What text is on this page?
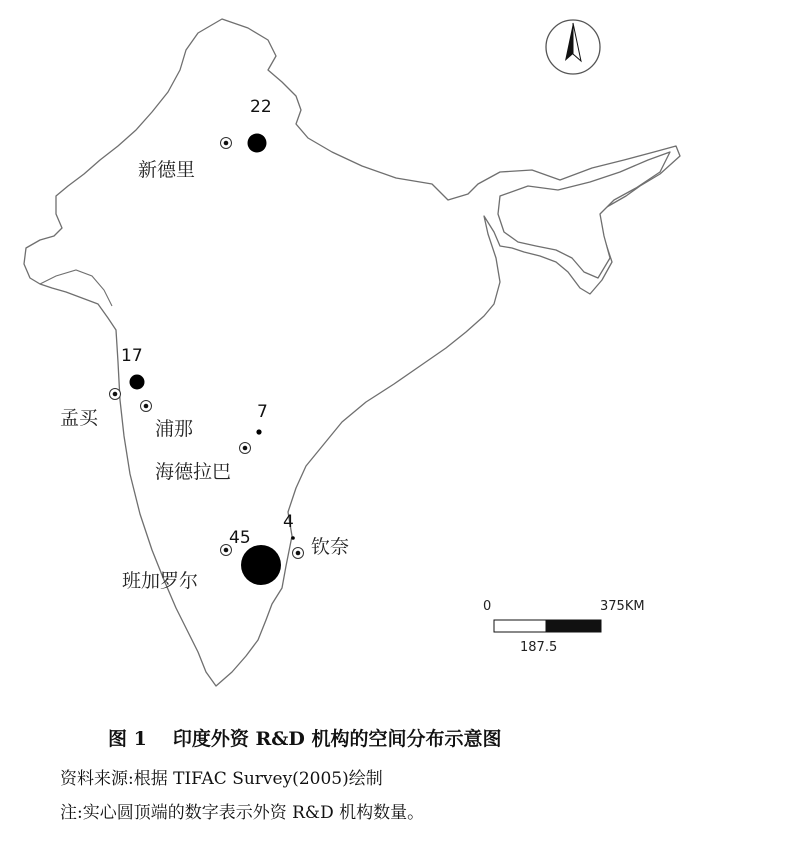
22
新德里
17
孟买	浦那
7
海德拉巴
45
班加罗尔
4
钦奈
0	375KM
187.5
图 1 印度外资 R&D 机构的空间分布示意图
资料来源:根据 TIFAC Survey(2005)绘制
注:实心圆顶端的数字表示外资 R&D 机构数量。
